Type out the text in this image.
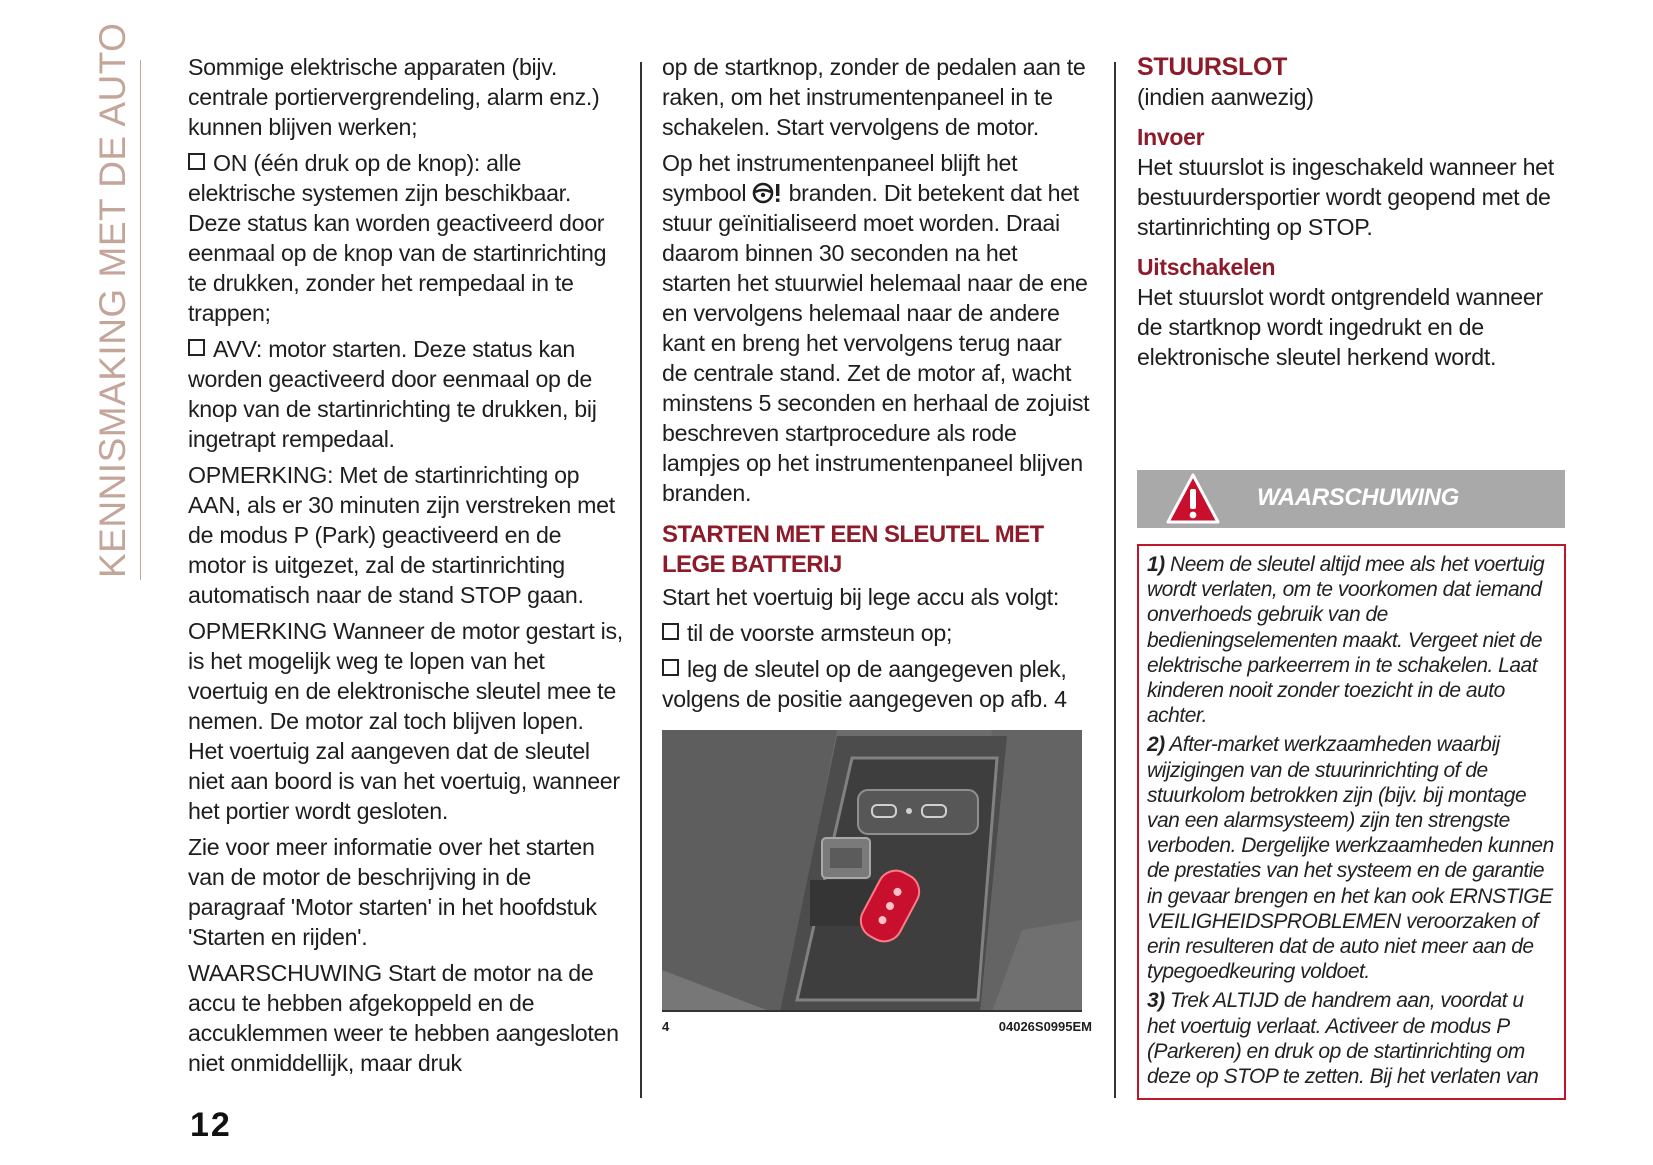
KENNISMAKING MET DE AUTO Sommige elektrische apparaten (bijv. centrale portiervergrendeling, alarm enz.) kunnen blijven werken;

ON (één druk op de knop): alle elektrische systemen zijn beschikbaar. Deze status kan worden geactiveerd door eenmaal op de knop van de startinrichting te drukken, zonder het rempedaal in te trappen;

AVV: motor starten. Deze status kan worden geactiveerd door eenmaal op de knop van de startinrichting te drukken, bij ingetrapt rempedaal.

OPMERKING: Met de startinrichting op AAN, als er 30 minuten zijn verstreken met de modus P (Park) geactiveerd en de motor is uitgezet, zal de startinrichting automatisch naar de stand STOP gaan.

OPMERKING Wanneer de motor gestart is, is het mogelijk weg te lopen van het voertuig en de elektronische sleutel mee te nemen. De motor zal toch blijven lopen. Het voertuig zal aangeven dat de sleutel niet aan boord is van het voertuig, wanneer het portier wordt gesloten.

Zie voor meer informatie over het starten van de motor de beschrijving in de paragraaf 'Motor starten' in het hoofdstuk 'Starten en rijden'.

WAARSCHUWING Start de motor na de accu te hebben afgekoppeld en de accuklemmen weer te hebben aangesloten niet onmiddellijk, maar druk

op de startknop, zonder de pedalen aan te raken, om het instrumentenpaneel in te schakelen. Start vervolgens de motor.

Op het instrumentenpaneel blijft het symbool branden. Dit betekent dat het stuur geïnitialiseerd moet worden. Draai daarom binnen 30 seconden na het starten het stuurwiel helemaal naar de ene en vervolgens helemaal naar de andere kant en breng het vervolgens terug naar de centrale stand. Zet de motor af, wacht minstens 5 seconden en herhaal de zojuist beschreven startprocedure als rode lampjes op het instrumentenpaneel blijven branden.

STARTEN MET EEN SLEUTEL MET LEGE BATTERIJ

Start het voertuig bij lege accu als volgt:

til de voorste armsteun op;

leg de sleutel op de aangegeven plek, volgens de positie aangegeven op afb. 4

4	04026S0995EM
STUURSLOT

(indien aanwezig)

Invoer

Het stuurslot is ingeschakeld wanneer het bestuurdersportier wordt geopend met de startinrichting op STOP.

Uitschakelen

Het stuurslot wordt ontgrendeld wanneer de startknop wordt ingedrukt en de elektronische sleutel herkend wordt.

WAARSCHUWING

1) Neem de sleutel altijd mee als het voertuig wordt verlaten, om te voorkomen dat iemand onverhoeds gebruik van de bedieningselementen maakt. Vergeet niet de elektrische parkeerrem in te schakelen. Laat kinderen nooit zonder toezicht in de auto achter.

2) After-market werkzaamheden waarbij wijzigingen van de stuurinrichting of de stuurkolom betrokken zijn (bijv. bij montage van een alarmsysteem) zijn ten strengste verboden. Dergelijke werkzaamheden kunnen de prestaties van het systeem en de garantie in gevaar brengen en het kan ook ERNSTIGE VEILIGHEIDSPROBLEMEN veroorzaken of erin resulteren dat de auto niet meer aan de typegoedkeuring voldoet.

3) Trek ALTIJD de handrem aan, voordat u het voertuig verlaat. Activeer de modus P (Parkeren) en druk op de startinrichting om deze op STOP te zetten. Bij het verlaten van

12
